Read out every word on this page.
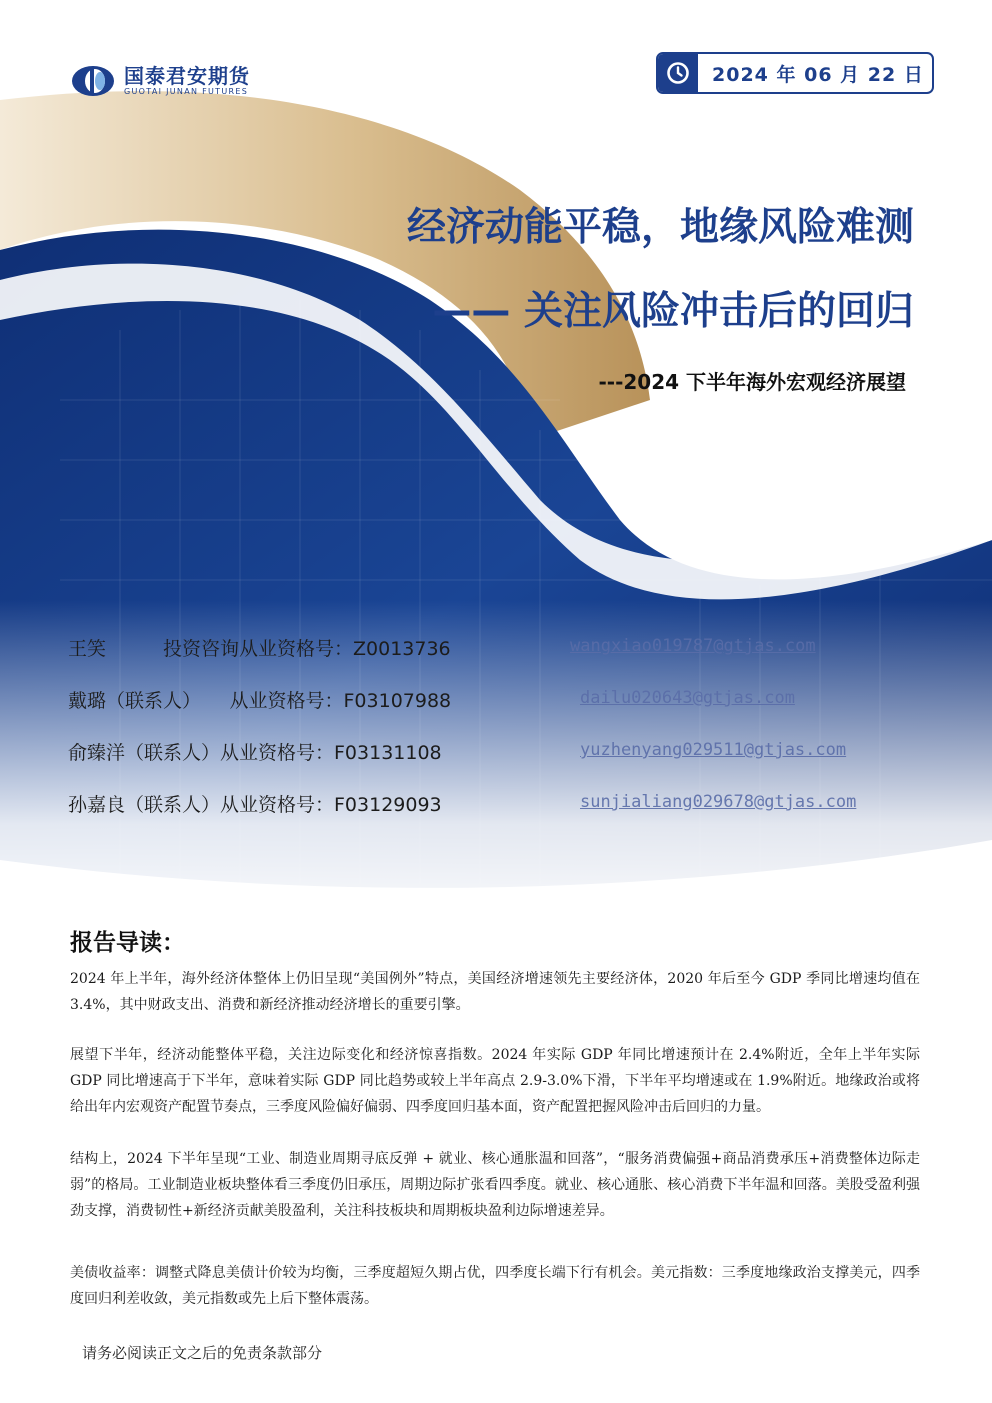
国泰君安期货
GUOTAI JUNAN FUTURES
2024 年 06 月 22 日
经济动能平稳，地缘风险难测
—— 关注风险冲击后的回归
---2024 下半年海外宏观经济展望
王笑　　　投资咨询从业资格号：Z0013736	wangxiao019787@gtjas.com
戴璐（联系人）　　从业资格号：F03107988	dailu020643@gtjas.com
俞臻洋（联系人）从业资格号：F03131108	yuzhenyang029511@gtjas.com
孙嘉良（联系人）从业资格号：F03129093	sunjialiang029678@gtjas.com
报告导读：
2024 年上半年，海外经济体整体上仍旧呈现“美国例外”特点，美国经济增速领先主要经济体，2020 年后至今 GDP 季同比增速均值在 3.4%，其中财政支出、消费和新经济推动经济增长的重要引擎。
展望下半年，经济动能整体平稳，关注边际变化和经济惊喜指数。2024 年实际 GDP 年同比增速预计在 2.4%附近，全年上半年实际 GDP 同比增速高于下半年，意味着实际 GDP 同比趋势或较上半年高点 2.9-3.0%下滑，下半年平均增速或在 1.9%附近。地缘政治或将给出年内宏观资产配置节奏点，三季度风险偏好偏弱、四季度回归基本面，资产配置把握风险冲击后回归的力量。
结构上，2024 下半年呈现“工业、制造业周期寻底反弹 + 就业、核心通胀温和回落”，“服务消费偏强+商品消费承压+消费整体边际走弱”的格局。工业制造业板块整体看三季度仍旧承压，周期边际扩张看四季度。就业、核心通胀、核心消费下半年温和回落。美股受盈利强劲支撑，消费韧性+新经济贡献美股盈利，关注科技板块和周期板块盈利边际增速差异。
美债收益率：调整式降息美债计价较为均衡，三季度超短久期占优，四季度长端下行有机会。美元指数：三季度地缘政治支撑美元，四季度回归利差收敛，美元指数或先上后下整体震荡。
请务必阅读正文之后的免责条款部分
